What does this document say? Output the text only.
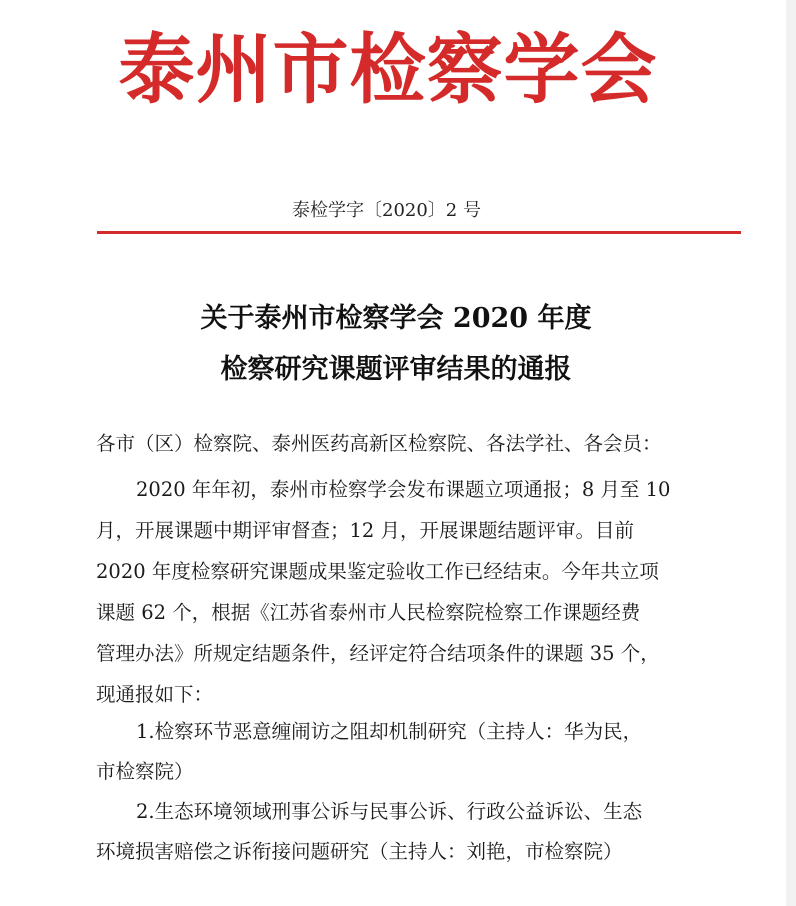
泰州市检察学会
泰检学字〔2020〕2 号
关于泰州市检察学会 2020 年度
检察研究课题评审结果的通报
各市（区）检察院、泰州医药高新区检察院、各法学社、各会员：
2020 年年初，泰州市检察学会发布课题立项通报；8 月至 10
月，开展课题中期评审督查；12 月，开展课题结题评审。目前
2020 年度检察研究课题成果鉴定验收工作已经结束。今年共立项
课题 62 个，根据《江苏省泰州市人民检察院检察工作课题经费
管理办法》所规定结题条件，经评定符合结项条件的课题 35 个，
现通报如下：
1.检察环节恶意缠闹访之阻却机制研究（主持人：华为民，
市检察院）
2.生态环境领域刑事公诉与民事公诉、行政公益诉讼、生态
环境损害赔偿之诉衔接问题研究（主持人：刘艳，市检察院）
